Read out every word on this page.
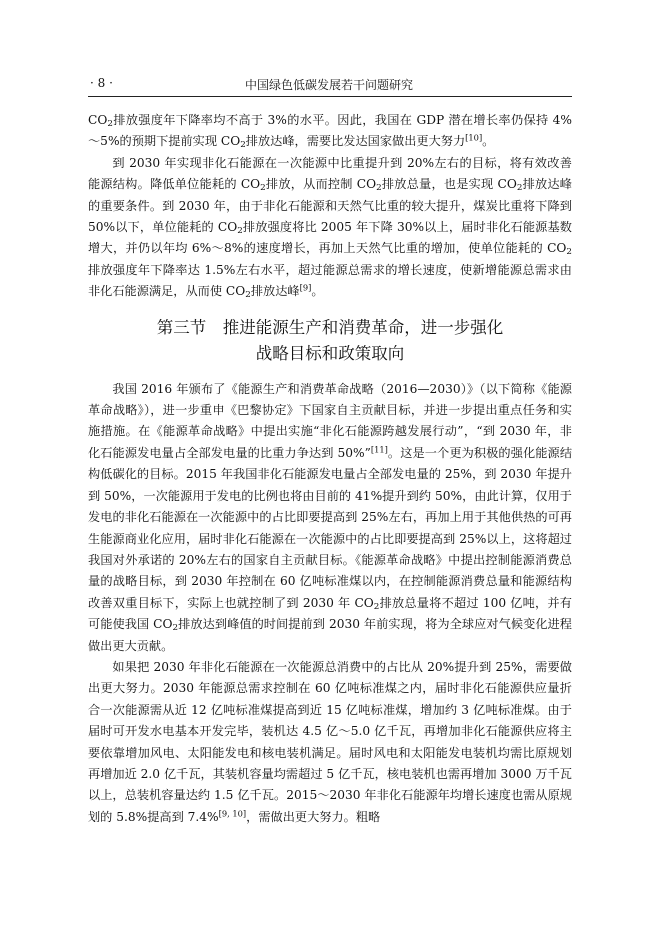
· 8 ·	中国绿色低碳发展若干问题研究

$CO_2$排放强度年下降率均不高于 3%的水平。因此，我国在 GDP 潜在增长率仍保持 4%～5%的预期下提前实现 $CO_2$排放达峰，需要比发达国家做出更大努力[10]。

到 2030 年实现非化石能源在一次能源中比重提升到 20%左右的目标，将有效改善能源结构。降低单位能耗的 $CO_2$排放，从而控制 $CO_2$排放总量，也是实现 $CO_2$排放达峰的重要条件。到 2030 年，由于非化石能源和天然气比重的较大提升，煤炭比重将下降到 50%以下，单位能耗的 $CO_2$排放强度将比 2005 年下降 30%以上，届时非化石能源基数增大，并仍以年均 6%～8%的速度增长，再加上天然气比重的增加，使单位能耗的 $CO_2$排放强度年下降率达 1.5%左右水平，超过能源总需求的增长速度，使新增能源总需求由非化石能源满足，从而使 $CO_2$排放达峰[9]。

第三节　推进能源生产和消费革命，进一步强化
战略目标和政策取向

我国 2016 年颁布了《能源生产和消费革命战略（2016—2030）》（以下简称《能源革命战略》），进一步重申《巴黎协定》下国家自主贡献目标，并进一步提出重点任务和实施措施。在《能源革命战略》中提出实施“非化石能源跨越发展行动”，“到 2030 年，非化石能源发电量占全部发电量的比重力争达到 50%”[11]。这是一个更为积极的强化能源结构低碳化的目标。2015 年我国非化石能源发电量占全部发电量的 25%，到 2030 年提升到 50%，一次能源用于发电的比例也将由目前的 41%提升到约 50%，由此计算，仅用于发电的非化石能源在一次能源中的占比即要提高到 25%左右，再加上用于其他供热的可再生能源商业化应用，届时非化石能源在一次能源中的占比即要提高到 25%以上，这将超过我国对外承诺的 20%左右的国家自主贡献目标。《能源革命战略》中提出控制能源消费总量的战略目标，到 2030 年控制在 60 亿吨标准煤以内，在控制能源消费总量和能源结构改善双重目标下，实际上也就控制了到 2030 年 $CO_2$排放总量将不超过 100 亿吨，并有可能使我国 $CO_2$排放达到峰值的时间提前到 2030 年前实现，将为全球应对气候变化进程做出更大贡献。

如果把 2030 年非化石能源在一次能源总消费中的占比从 20%提升到 25%，需要做出更大努力。2030 年能源总需求控制在 60 亿吨标准煤之内，届时非化石能源供应量折合一次能源需从近 12 亿吨标准煤提高到近 15 亿吨标准煤，增加约 3 亿吨标准煤。由于届时可开发水电基本开发完毕，装机达 4.5 亿～5.0 亿千瓦，再增加非化石能源供应将主要依靠增加风电、太阳能发电和核电装机满足。届时风电和太阳能发电装机均需比原规划再增加近 2.0 亿千瓦，其装机容量均需超过 5 亿千瓦，核电装机也需再增加 3000 万千瓦以上，总装机容量达约 1.5 亿千瓦。2015～2030 年非化石能源年均增长速度也需从原规划的 5.8%提高到 7.4%[9, 10]，需做出更大努力。粗略
